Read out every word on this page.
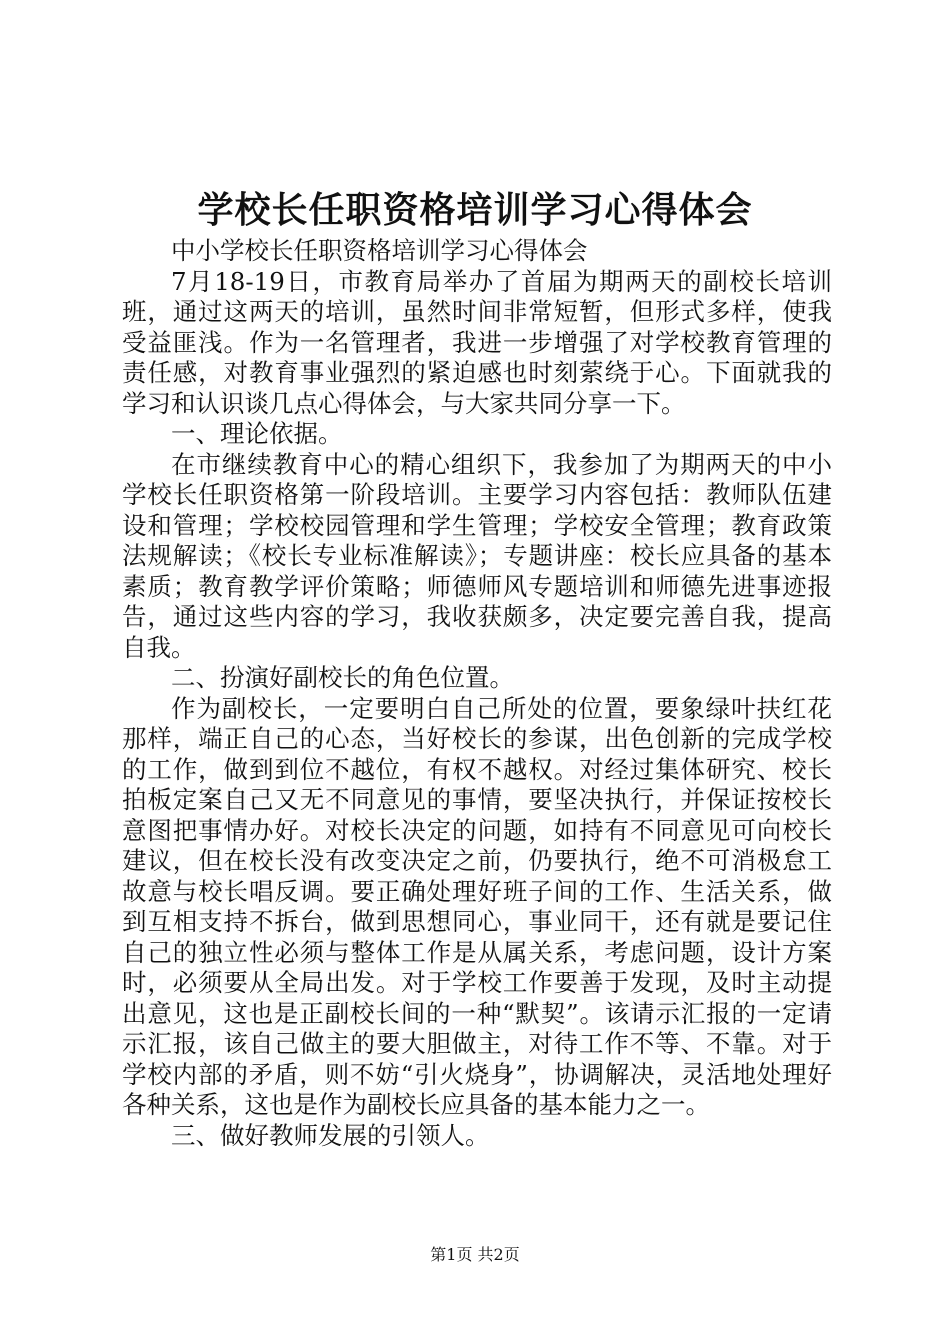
学校长任职资格培训学习心得体会

中小学校长任职资格培训学习心得体会

7月18-19日，市教育局举办了首届为期两天的副校长培训班，通过这两天的培训，虽然时间非常短暂，但形式多样，使我受益匪浅。作为一名管理者，我进一步增强了对学校教育管理的责任感，对教育事业强烈的紧迫感也时刻萦绕于心。下面就我的学习和认识谈几点心得体会，与大家共同分享一下。

一、理论依据。

在市继续教育中心的精心组织下，我参加了为期两天的中小学校长任职资格第一阶段培训。主要学习内容包括：教师队伍建设和管理；学校校园管理和学生管理；学校安全管理；教育政策法规解读；《校长专业标准解读》；专题讲座：校长应具备的基本素质；教育教学评价策略；师德师风专题培训和师德先进事迹报告，通过这些内容的学习，我收获颇多，决定要完善自我，提高自我。

二、扮演好副校长的角色位置。

作为副校长，一定要明白自己所处的位置，要象绿叶扶红花那样，端正自己的心态，当好校长的参谋，出色创新的完成学校的工作，做到到位不越位，有权不越权。对经过集体研究、校长拍板定案自己又无不同意见的事情，要坚决执行，并保证按校长意图把事情办好。对校长决定的问题，如持有不同意见可向校长建议，但在校长没有改变决定之前，仍要执行，绝不可消极怠工故意与校长唱反调。要正确处理好班子间的工作、生活关系，做到互相支持不拆台，做到思想同心，事业同干，还有就是要记住自己的独立性必须与整体工作是从属关系，考虑问题，设计方案时，必须要从全局出发。对于学校工作要善于发现，及时主动提出意见，这也是正副校长间的一种“默契”。该请示汇报的一定请示汇报，该自己做主的要大胆做主，对待工作不等、不靠。对于学校内部的矛盾，则不妨“引火烧身”，协调解决，灵活地处理好各种关系，这也是作为副校长应具备的基本能力之一。

三、做好教师发展的引领人。

第1页 共2页
